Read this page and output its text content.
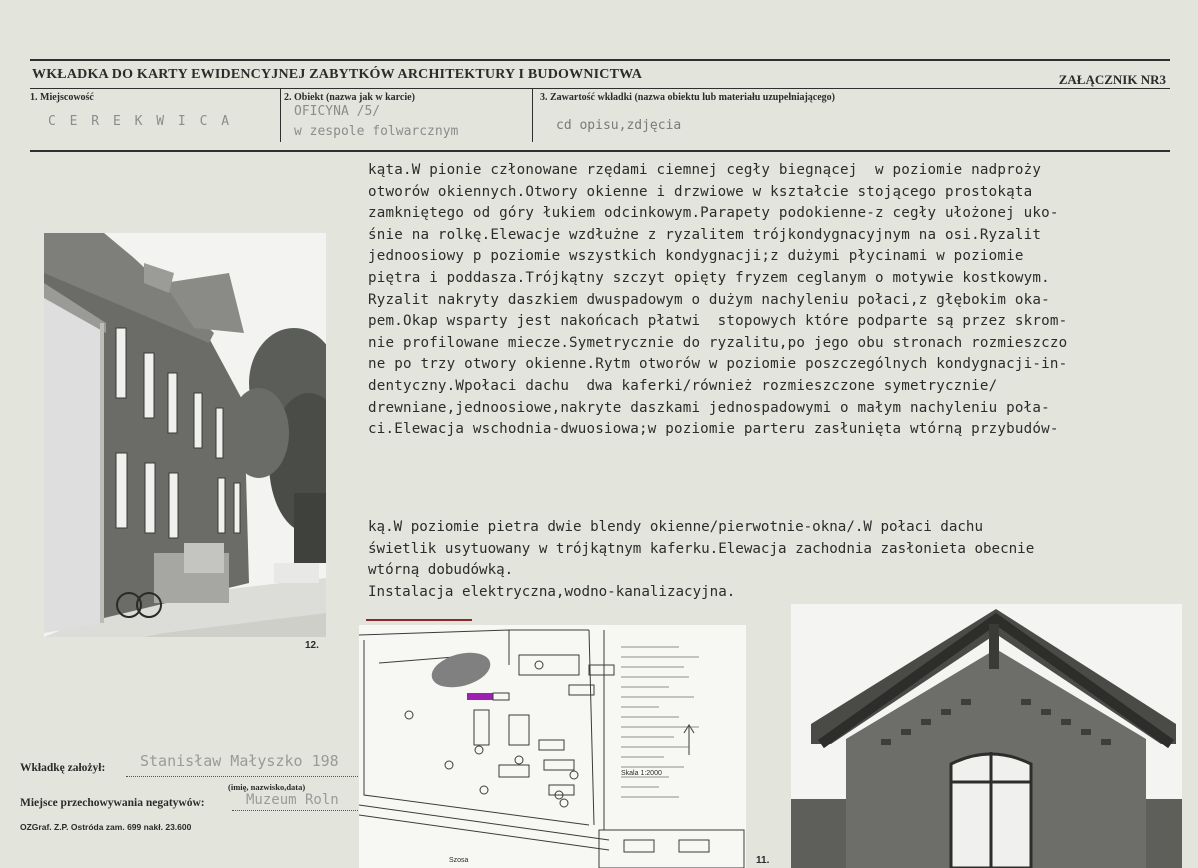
WKŁADKA DO KARTY EWIDENCYJNEJ ZABYTKÓW ARCHITEKTURY I BUDOWNICTWA	ZAŁĄCZNIK NR3
1. Miejscowość
C E R E K W I C A
2. Obiekt (nazwa jak w karcie)
OFICYNA /5/
w zespole folwarcznym
3. Zawartość wkładki (nazwa obiektu lub materiału uzupełniającego)
cd opisu,zdjęcia
kąta.W pionie członowane rzędami ciemnej cegły biegnącej  w poziomie nadproży
otworów okiennych.Otwory okienne i drzwiowe w kształcie stojącego prostokąta
zamkniętego od góry łukiem odcinkowym.Parapety podokienne-z cegły ułożonej uko-
śnie na rolkę.Elewacje wzdłużne z ryzalitem trójkondygnacyjnym na osi.Ryzalit
jednoosiowy p poziomie wszystkich kondygnacji;z dużymi płycinami w poziomie
piętra i poddasza.Trójkątny szczyt opięty fryzem ceglanym o motywie kostkowym.
Ryzalit nakryty daszkiem dwuspadowym o dużym nachyleniu połaci,z głębokim oka-
pem.Okap wsparty jest nakońcach płatwi  stopowych które podparte są przez skrom-
nie profilowane miecze.Symetrycznie do ryzalitu,po jego obu stronach rozmieszczo
ne po trzy otwory okienne.Rytm otworów w poziomie poszczególnych kondygnacji-in-
dentyczny.Wpołaci dachu  dwa kaferki/również rozmieszczone symetrycznie/
drewniane,jednoosiowe,nakryte daszkami jednospadowymi o małym nachyleniu poła-
ci.Elewacja wschodnia-dwuosiowa;w poziomie parteru zasłunięta wtórną przybudów-
ką.W poziomie pietra dwie blendy okienne/pierwotnie-okna/.W połaci dachu
świetlik usytuowany w trójkątnym kaferku.Elewacja zachodnia zasłonieta obecnie
wtórną dobudówką.
Instalacja elektryczna,wodno-kanalizacyjna.
12.
Skala 1:2000
Szosa	11.
Wkładkę założył: Stanisław Małyszko 198
(imię, nazwisko,data)
Miejsce przechowywania negatywów:	Muzeum Roln
OZGraf. Z.P. Ostróda zam. 699 nakł. 23.600
